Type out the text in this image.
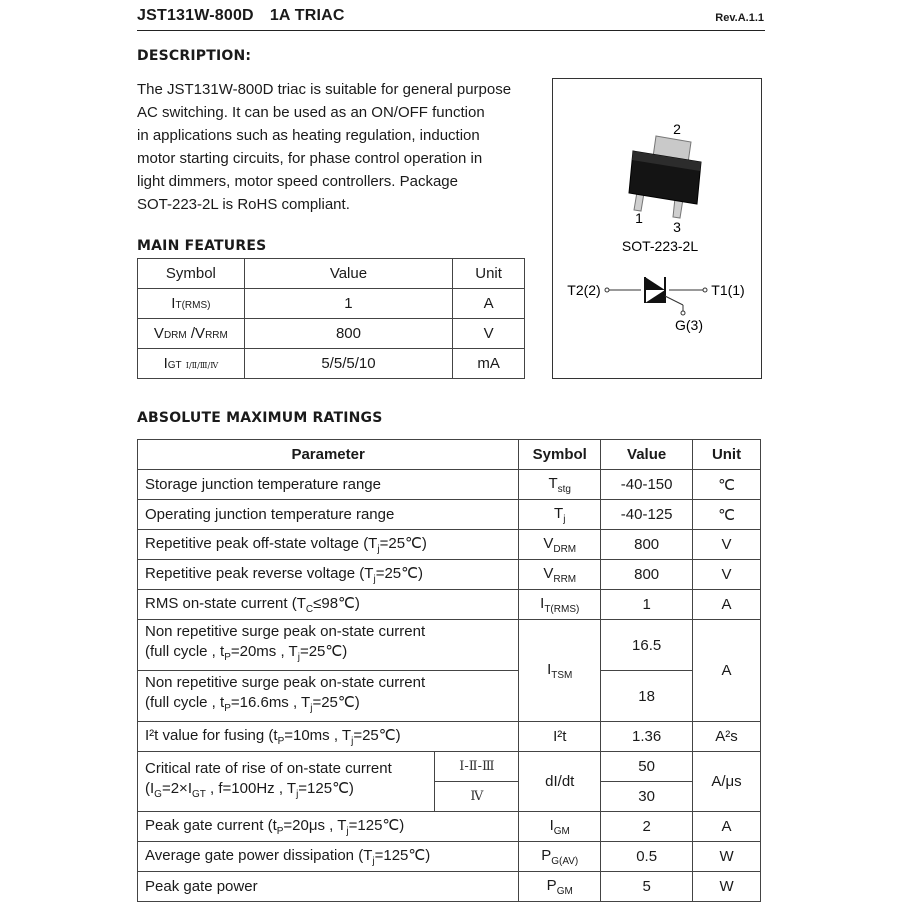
JST131W-800D 1A TRIAC	Rev.A.1.1
DESCRIPTION:
The JST131W-800D triac is suitable for general purpose
AC switching. It can be used as an ON/OFF function
in applications such as heating regulation, induction
motor starting circuits, for phase control operation in
light dimmers, motor speed controllers. Package
SOT-223-2L is RoHS compliant.
MAIN FEATURES
Symbol	Value	Unit
IT(RMS)	1	A
VDRM /VRRM	800	V
IGT Ⅰ/Ⅱ/Ⅲ/Ⅳ	5/5/5/10	mA
2
1
3
SOT-223-2L
T2(2)	T1(1)
G(3)
ABSOLUTE MAXIMUM RATINGS
Parameter		Symbol	Value	Unit
Storage junction temperature range		$T_{stg}$	-40-150	℃
Operating junction temperature range		$T_j$	-40-125	℃
Repetitive peak off-state voltage $(T_j=25℃)$		$V_{DRM}$	800	V
Repetitive peak reverse voltage $(T_j=25℃)$		$V_{RRM}$	800	V
RMS on-state current $(T_C\le 98℃)$		$I_{T(RMS)}$	1	A

Non repetitive surge peak on-state current
(full cycle , $t_P=20ms$ , $T_j=25℃$)		$I_{TSM}$	16.5	A

Non repetitive surge peak on-state current
(full cycle , $t_P=16.6ms$ , $T_j=25℃$)			18	
I²t value for fusing ($t_P=10ms$ , $T_j=25℃$)		I²t	1.36	A²s

Critical rate of rise of on-state current
($I_G=2\times I_{GT}$ , f=100Hz , $T_j=125℃$)	Ⅰ-Ⅱ-Ⅲ	dI/dt	50	A/μs
	Ⅳ		30	
Peak gate current ($t_P=20\mu s$ , $T_j=125℃$)		$I_{GM}$	2	A
Average gate power dissipation $(T_j=125℃)$		$P_{G(AV)}$	0.5	W
Peak gate power		$P_{GM}$	5	W
